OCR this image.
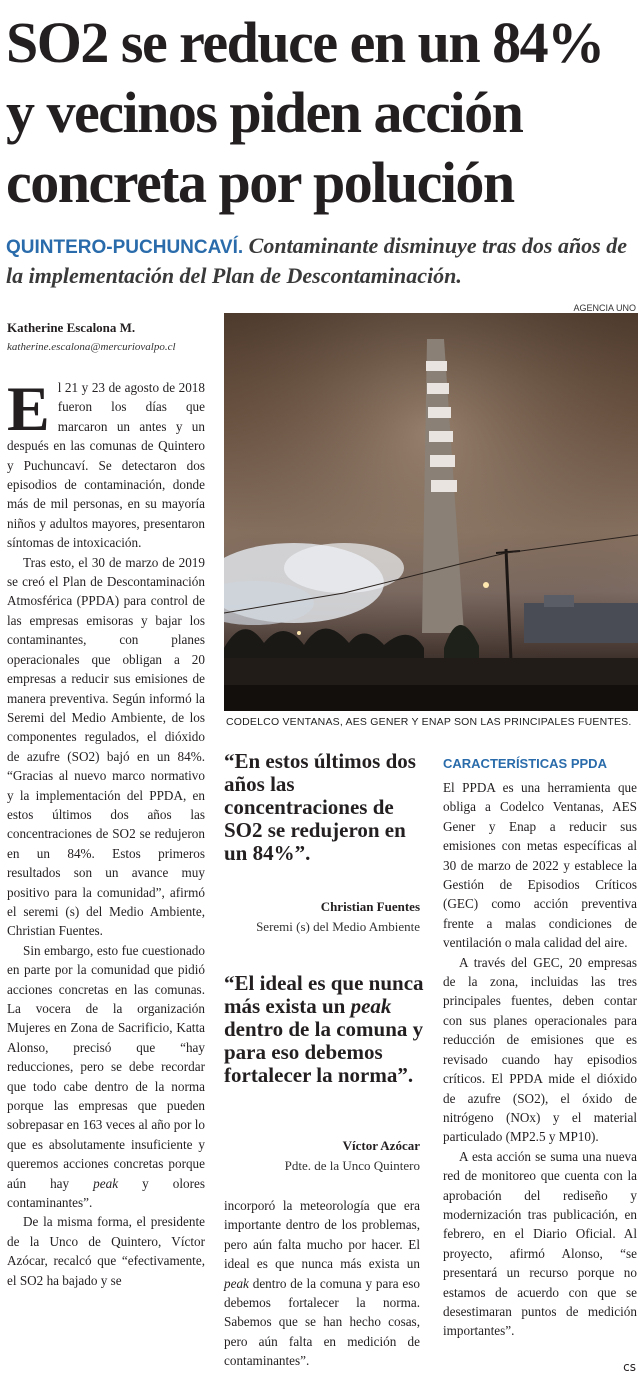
SO2 se reduce en un 84%
y vecinos piden acción
concreta por polución

QUINTERO-PUCHUNCAVÍ. Contaminante disminuye tras dos años de la implementación del Plan de Descontaminación.

AGENCIA UNO
Katherine Escalona M.
katherine.escalona@mercuriovalpo.cl

El 21 y 23 de agosto de 2018 fueron los días que marcaron un antes y un después en las comunas de Quintero y Puchuncaví. Se detectaron dos episodios de contaminación, donde más de mil personas, en su mayoría niños y adultos mayores, presentaron síntomas de intoxicación.

Tras esto, el 30 de marzo de 2019 se creó el Plan de Descontaminación Atmosférica (PPDA) para control de las empresas emisoras y bajar los contaminantes, con planes operacionales que obligan a 20 empresas a reducir sus emisiones de manera preventiva. Según informó la Seremi del Medio Ambiente, de los componentes regulados, el dióxido de azufre (SO2) bajó en un 84%. “Gracias al nuevo marco normativo y la implementación del PPDA, en estos últimos dos años las concentraciones de SO2 se redujeron en un 84%. Estos primeros resultados son un avance muy positivo para la comunidad”, afirmó el seremi (s) del Medio Ambiente, Christian Fuentes.

Sin embargo, esto fue cuestionado en parte por la comunidad que pidió acciones concretas en las comunas. La vocera de la organización Mujeres en Zona de Sacrificio, Katta Alonso, precisó que “hay reducciones, pero se debe recordar que todo cabe dentro de la norma porque las empresas que pueden sobrepasar en 163 veces al año por lo que es absolutamente insuficiente y queremos acciones concretas porque aún hay peak y olores contaminantes”.

De la misma forma, el presidente de la Unco de Quintero, Víctor Azócar, recalcó que “efectivamente, el SO2 ha bajado y se

CODELCO VENTANAS, AES GENER Y ENAP SON LAS PRINCIPALES FUENTES.
“En estos últimos dos años las concentraciones de SO2 se redujeron en un 84%”.
Christian Fuentes
Seremi (s) del Medio Ambiente
“El ideal es que nunca más exista un peak dentro de la comuna y para eso debemos fortalecer la norma”.
Víctor Azócar
Pdte. de la Unco Quintero

incorporó la meteorología que era importante dentro de los problemas, pero aún falta mucho por hacer. El ideal es que nunca más exista un peak dentro de la comuna y para eso debemos fortalecer la norma. Sabemos que se han hecho cosas, pero aún falta en medición de contaminantes”.

CARACTERÍSTICAS PPDA

El PPDA es una herramienta que obliga a Codelco Ventanas, AES Gener y Enap a reducir sus emisiones con metas específicas al 30 de marzo de 2022 y establece la Gestión de Episodios Críticos (GEC) como acción preventiva frente a malas condiciones de ventilación o mala calidad del aire.

A través del GEC, 20 empresas de la zona, incluidas las tres principales fuentes, deben contar con sus planes operacionales para reducción de emisiones que es revisado cuando hay episodios críticos. El PPDA mide el dióxido de azufre (SO2), el óxido de nitrógeno (NOx) y el material particulado (MP2.5 y MP10).

A esta acción se suma una nueva red de monitoreo que cuenta con la aprobación del rediseño y modernización tras publicación, en febrero, en el Diario Oficial. Al proyecto, afirmó Alonso, “se presentará un recurso porque no estamos de acuerdo con que se desestimaran puntos de medición importantes”.

cs
